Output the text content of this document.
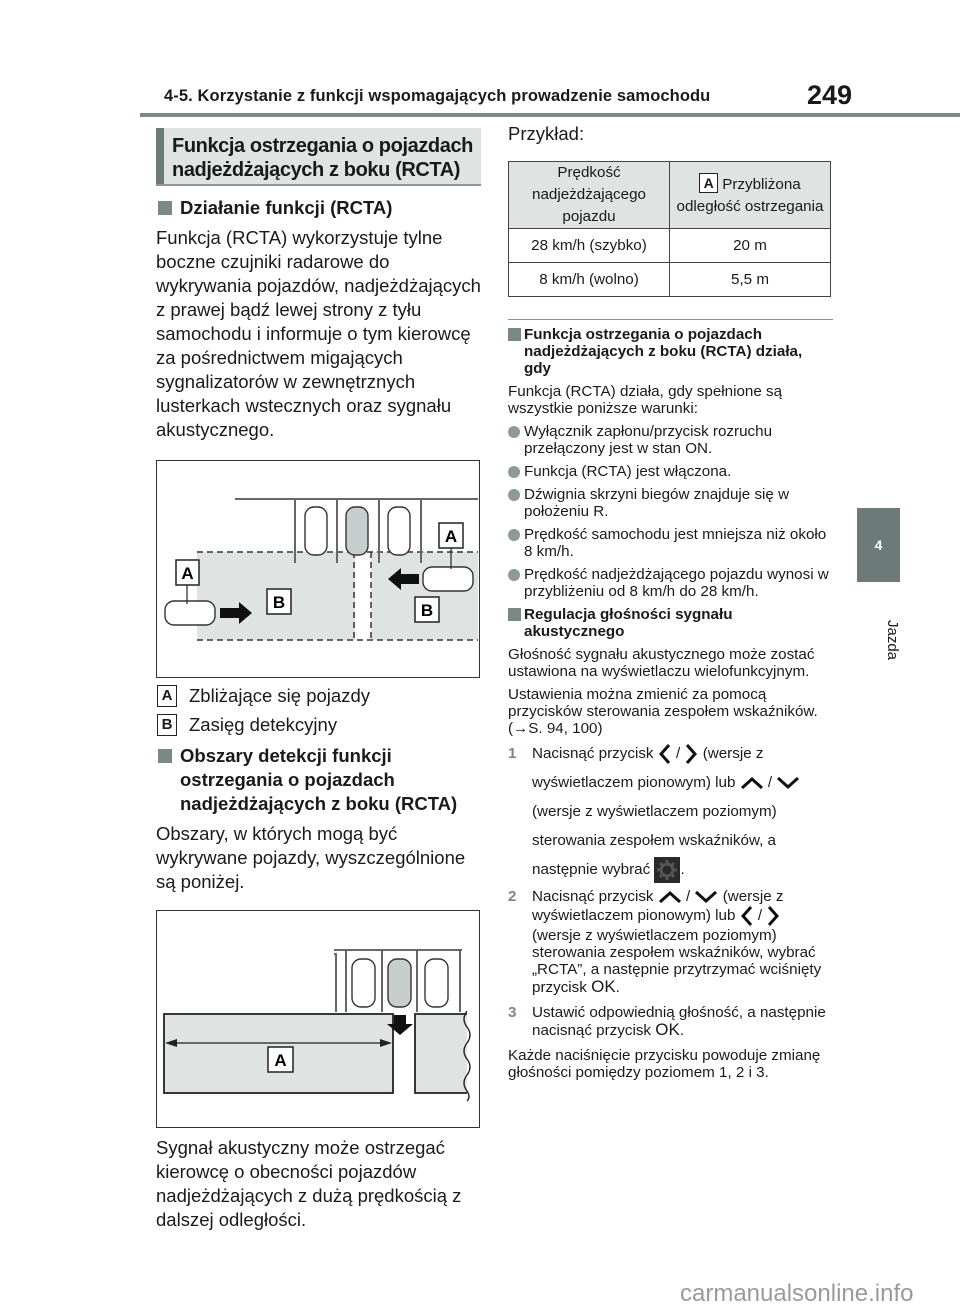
4-5. Korzystanie z funkcji wspomagających prowadzenie samochodu	249
4
Jazda
Funkcja ostrzegania o pojazdach
nadjeżdżających z boku (RCTA)
Działanie funkcji (RCTA)
Funkcja (RCTA) wykorzystuje tylne boczne czujniki radarowe do wykrywania pojazdów, nadjeżdżających z prawej bądź lewej strony z tyłu samochodu i informuje o tym kierowcę za pośrednictwem migających sygnalizatorów w zewnętrznych lusterkach wstecznych oraz sygnału akustycznego.
A
A
B	B
A Zbliżające się pojazdy
B Zasięg detekcyjny
Obszary detekcji funkcji ostrzegania o pojazdach nadjeżdżających z boku (RCTA)
Obszary, w których mogą być wykrywane pojazdy, wyszczególnione są poniżej.
A
Sygnał akustyczny może ostrzegać kierowcę o obecności pojazdów nadjeżdżających z dużą prędkością z dalszej odległości.
Przykład:
Prędkość nadjeżdżającego pojazdu	A Przybliżona odległość ostrzegania
28 km/h (szybko)	20 m
8 km/h (wolno)	5,5 m
Funkcja ostrzegania o pojazdach nadjeżdżających z boku (RCTA) działa, gdy
Funkcja (RCTA) działa, gdy spełnione są wszystkie poniższe warunki:
Wyłącznik zapłonu/przycisk rozruchu przełączony jest w stan ON.
Funkcja (RCTA) jest włączona.
Dźwignia skrzyni biegów znajduje się w położeniu R.
Prędkość samochodu jest mniejsza niż około 8 km/h.
Prędkość nadjeżdżającego pojazdu wynosi w przybliżeniu od 8 km/h do 28 km/h.
Regulacja głośności sygnału akustycznego
Głośność sygnału akustycznego może zostać ustawiona na wyświetlaczu wielofunkcyjnym.
Ustawienia można zmienić za pomocą przycisków sterowania zespołem wskaźników. (→S. 94, 100)
1 Nacisnąć przycisk / (wersje z wyświetlaczem pionowym) lub /  (wersje z wyświetlaczem poziomym) sterowania zespołem wskaźników, a następnie wybrać .
2 Nacisnąć przycisk / (wersje z wyświetlaczem pionowym) lub /  (wersje z wyświetlaczem poziomym) sterowania zespołem wskaźników, wybrać „RCTA”, a następnie przytrzymać wciśnięty przycisk OK.
3 Ustawić odpowiednią głośność, a następnie nacisnąć przycisk OK.
Każde naciśnięcie przycisku powoduje zmianę głośności pomiędzy poziomem 1, 2 i 3.
carmanualsonline.info
